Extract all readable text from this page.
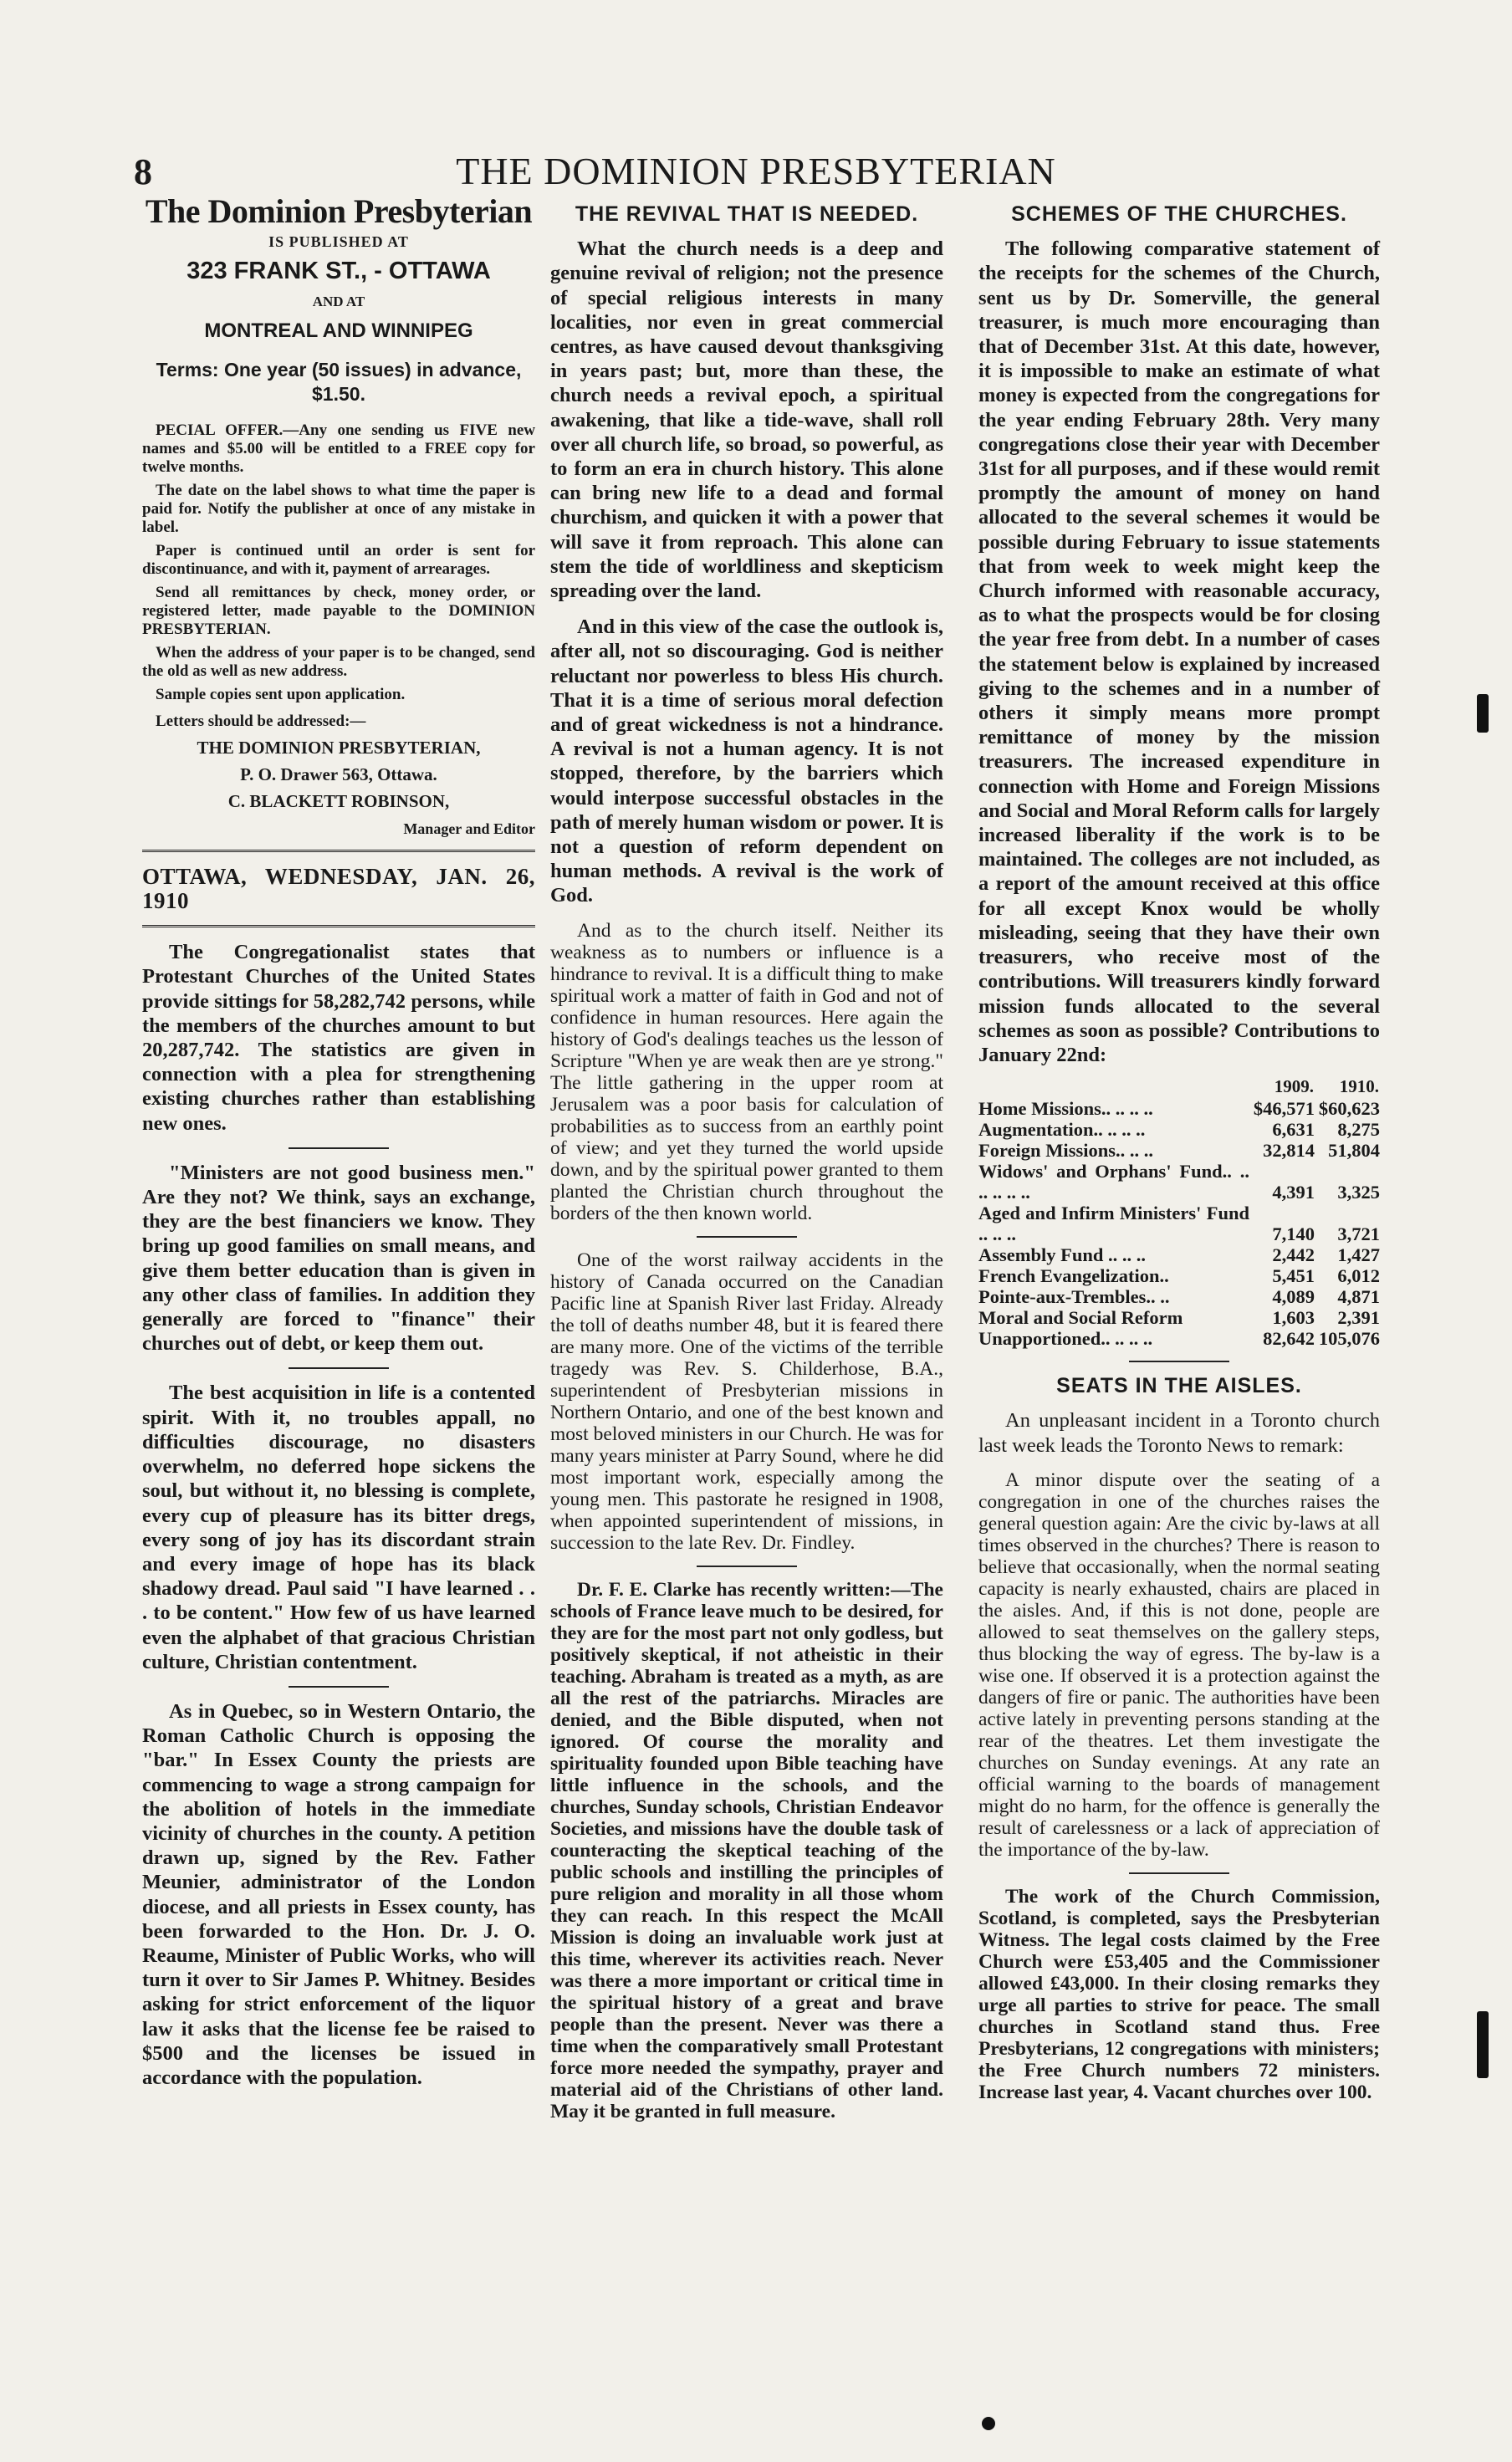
8	THE DOMINION PRESBYTERIAN
The Dominion Presbyterian
IS PUBLISHED AT
323 FRANK ST., - OTTAWA
AND AT
MONTREAL AND WINNIPEG
Terms: One year (50 issues) in advance, $1.50.

PECIAL OFFER.—Any one sending us FIVE new names and $5.00 will be entitled to a FREE copy for twelve months.

The date on the label shows to what time the paper is paid for. Notify the publisher at once of any mistake in label.

Paper is continued until an order is sent for discontinuance, and with it, payment of arrearages.

Send all remittances by check, money order, or registered letter, made payable to the DOMINION PRESBYTERIAN.

When the address of your paper is to be changed, send the old as well as new address.

Sample copies sent upon application.

Letters should be addressed:—

THE DOMINION PRESBYTERIAN,

P. O. Drawer 563, Ottawa.

C. BLACKETT ROBINSON,

Manager and Editor

OTTAWA, WEDNESDAY, JAN. 26, 1910

The Congregationalist states that Protestant Churches of the United States provide sittings for 58,282,742 persons, while the members of the churches amount to but 20,287,742. The statistics are given in connection with a plea for strengthening existing churches rather than establishing new ones.

"Ministers are not good business men." Are they not? We think, says an exchange, they are the best financiers we know. They bring up good families on small means, and give them better education than is given in any other class of families. In addition they generally are forced to "finance" their churches out of debt, or keep them out.

The best acquisition in life is a contented spirit. With it, no troubles appall, no difficulties discourage, no disasters overwhelm, no deferred hope sickens the soul, but without it, no blessing is complete, every cup of pleasure has its bitter dregs, every song of joy has its discordant strain and every image of hope has its black shadowy dread. Paul said "I have learned . . . to be content." How few of us have learned even the alphabet of that gracious Christian culture, Christian contentment.

As in Quebec, so in Western Ontario, the Roman Catholic Church is opposing the "bar." In Essex County the priests are commencing to wage a strong campaign for the abolition of hotels in the immediate vicinity of churches in the county. A petition drawn up, signed by the Rev. Father Meunier, administrator of the London diocese, and all priests in Essex county, has been forwarded to the Hon. Dr. J. O. Reaume, Minister of Public Works, who will turn it over to Sir James P. Whitney. Besides asking for strict enforcement of the liquor law it asks that the license fee be raised to $500 and the licenses be issued in accordance with the population.

THE REVIVAL THAT IS NEEDED.

What the church needs is a deep and genuine revival of religion; not the presence of special religious interests in many localities, nor even in great commercial centres, as have caused devout thanksgiving in years past; but, more than these, the church needs a revival epoch, a spiritual awakening, that like a tide-wave, shall roll over all church life, so broad, so powerful, as to form an era in church history. This alone can bring new life to a dead and formal churchism, and quicken it with a power that will save it from reproach. This alone can stem the tide of worldliness and skepticism spreading over the land.

And in this view of the case the outlook is, after all, not so discouraging. God is neither reluctant nor powerless to bless His church. That it is a time of serious moral defection and of great wickedness is not a hindrance. A revival is not a human agency. It is not stopped, therefore, by the barriers which would interpose successful obstacles in the path of merely human wisdom or power. It is not a question of reform dependent on human methods. A revival is the work of God.

And as to the church itself. Neither its weakness as to numbers or influence is a hindrance to revival. It is a difficult thing to make spiritual work a matter of faith in God and not of confidence in human resources. Here again the history of God's dealings teaches us the lesson of Scripture "When ye are weak then are ye strong." The little gathering in the upper room at Jerusalem was a poor basis for calculation of probabilities as to success from an earthly point of view; and yet they turned the world upside down, and by the spiritual power granted to them planted the Christian church throughout the borders of the then known world.

One of the worst railway accidents in the history of Canada occurred on the Canadian Pacific line at Spanish River last Friday. Already the toll of deaths number 48, but it is feared there are many more. One of the victims of the terrible tragedy was Rev. S. Childerhose, B.A., superintendent of Presbyterian missions in Northern Ontario, and one of the best known and most beloved ministers in our Church. He was for many years minister at Parry Sound, where he did most important work, especially among the young men. This pastorate he resigned in 1908, when appointed superintendent of missions, in succession to the late Rev. Dr. Findley.

Dr. F. E. Clarke has recently written:—The schools of France leave much to be desired, for they are for the most part not only godless, but positively skeptical, if not atheistic in their teaching. Abraham is treated as a myth, as are all the rest of the patriarchs. Miracles are denied, and the Bible disputed, when not ignored. Of course the morality and spirituality founded upon Bible teaching have little influence in the schools, and the churches, Sunday schools, Christian Endeavor Societies, and missions have the double task of counteracting the skeptical teaching of the public schools and instilling the principles of pure religion and morality in all those whom they can reach. In this respect the McAll Mission is doing an invaluable work just at this time, wherever its activities reach. Never was there a more important or critical time in the spiritual history of a great and brave people than the present. Never was there a time when the comparatively small Protestant force more needed the sympathy, prayer and material aid of the Christians of other land. May it be granted in full measure.

SCHEMES OF THE CHURCHES.

The following comparative statement of the receipts for the schemes of the Church, sent us by Dr. Somerville, the general treasurer, is much more encouraging than that of December 31st. At this date, however, it is impossible to make an estimate of what money is expected from the congregations for the year ending February 28th. Very many congregations close their year with December 31st for all purposes, and if these would remit promptly the amount of money on hand allocated to the several schemes it would be possible during February to issue statements that from week to week might keep the Church informed with reasonable accuracy, as to what the prospects would be for closing the year free from debt. In a number of cases the statement below is explained by increased giving to the schemes and in a number of others it simply means more prompt remittance of money by the mission treasurers. The increased expenditure in connection with Home and Foreign Missions and Social and Moral Reform calls for largely increased liberality if the work is to be maintained. The colleges are not included, as a report of the amount received at this office for all except Knox would be wholly misleading, seeing that they have their own treasurers, who receive most of the contributions. Will treasurers kindly forward mission funds allocated to the several schemes as soon as possible? Contributions to January 22nd:

	1909.	1910.
Home Missions.. .. .. ..	$46,571	$60,623
Augmentation.. .. .. ..	6,631	8,275
Foreign Missions.. .. ..	32,814	51,804
Widows' and Orphans' Fund.. .. .. .. .. ..	4,391	3,325
Aged and Infirm Ministers' Fund .. .. ..	7,140	3,721
Assembly Fund .. .. ..	2,442	1,427
French Evangelization..	5,451	6,012
Pointe-aux-Trembles.. ..	4,089	4,871
Moral and Social Reform	1,603	2,391
Unapportioned.. .. .. ..	82,642	105,076
SEATS IN THE AISLES.

An unpleasant incident in a Toronto church last week leads the Toronto News to remark:

A minor dispute over the seating of a congregation in one of the churches raises the general question again: Are the civic by-laws at all times observed in the churches? There is reason to believe that occasionally, when the normal seating capacity is nearly exhausted, chairs are placed in the aisles. And, if this is not done, people are allowed to seat themselves on the gallery steps, thus blocking the way of egress. The by-law is a wise one. If observed it is a protection against the dangers of fire or panic. The authorities have been active lately in preventing persons standing at the rear of the theatres. Let them investigate the churches on Sunday evenings. At any rate an official warning to the boards of management might do no harm, for the offence is generally the result of carelessness or a lack of appreciation of the importance of the by-law.

The work of the Church Commission, Scotland, is completed, says the Presbyterian Witness. The legal costs claimed by the Free Church were £53,405 and the Commissioner allowed £43,000. In their closing remarks they urge all parties to strive for peace. The small churches in Scotland stand thus. Free Presbyterians, 12 congregations with ministers; the Free Church numbers 72 ministers. Increase last year, 4. Vacant churches over 100.
